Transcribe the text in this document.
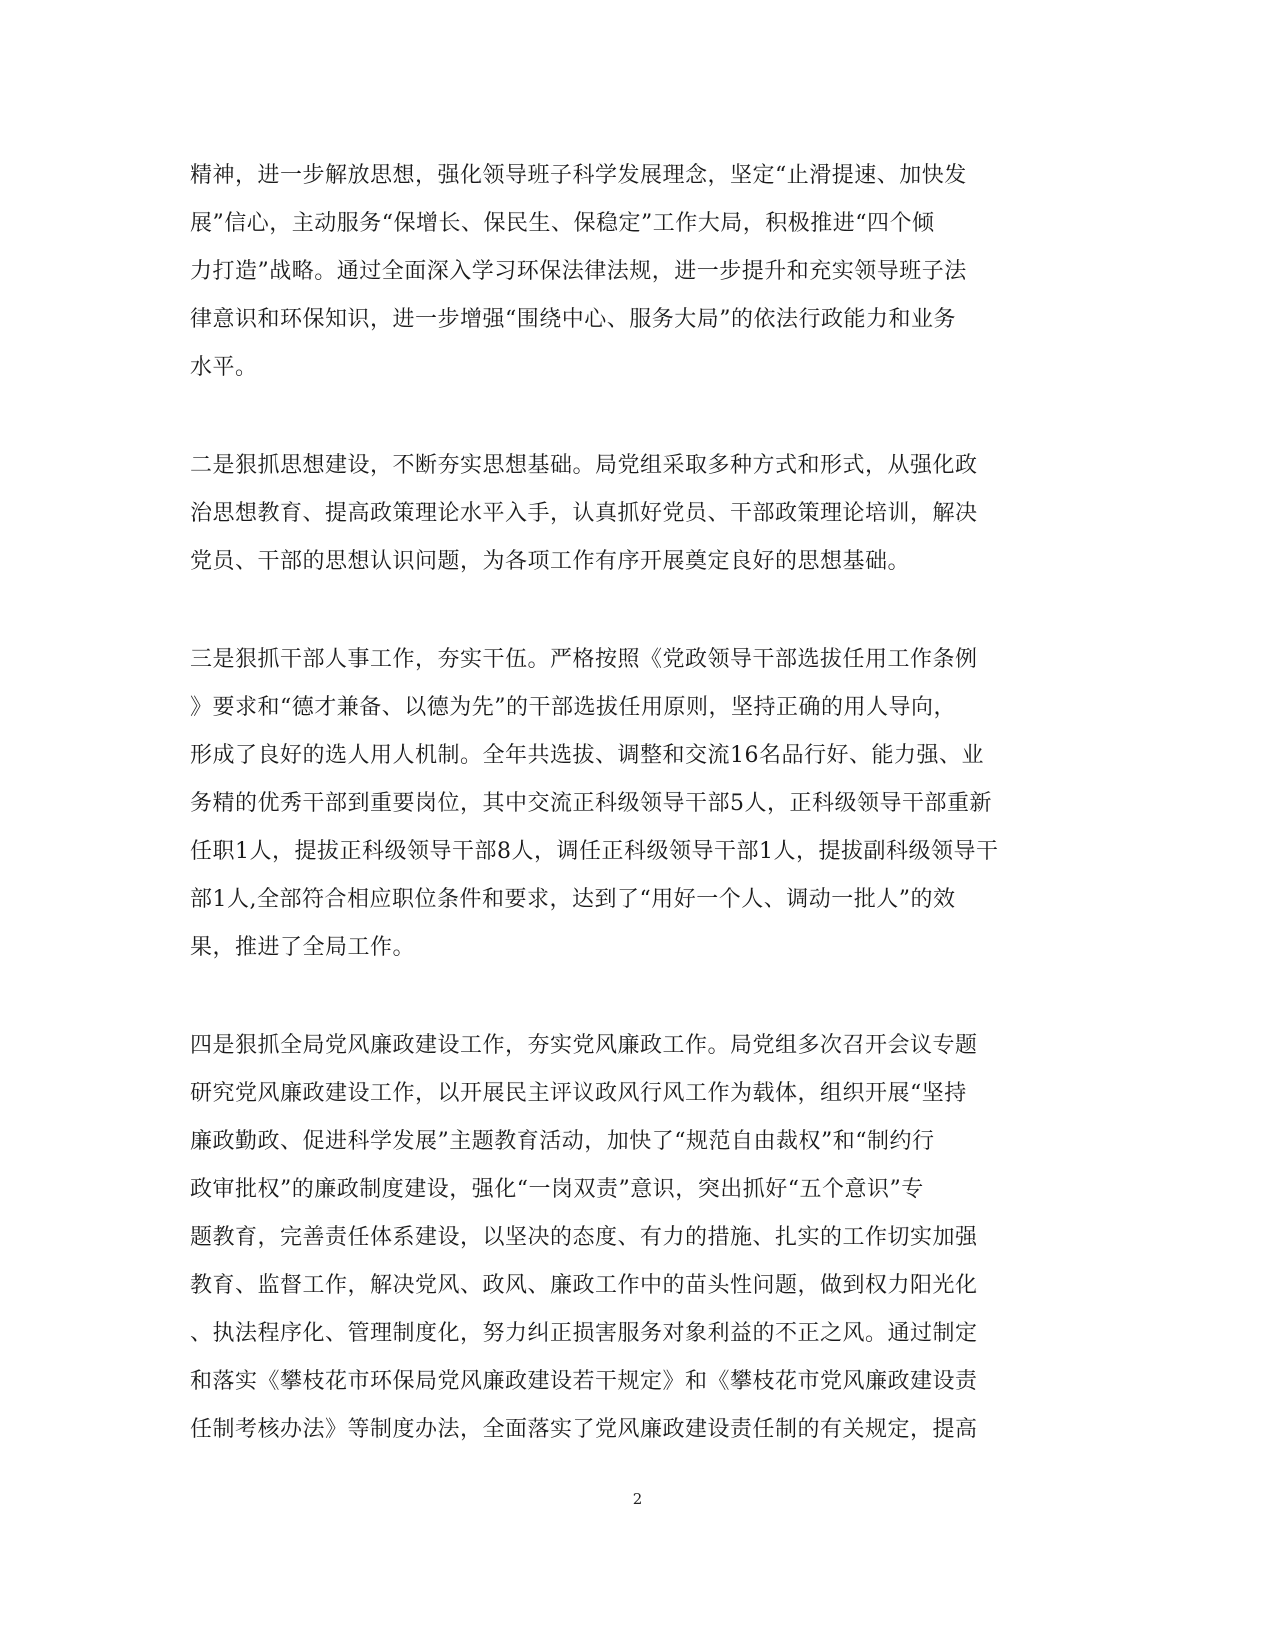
精神，进一步解放思想，强化领导班子科学发展理念，坚定“止滑提速、加快发
展”信心，主动服务“保增长、保民生、保稳定”工作大局，积极推进“四个倾
力打造”战略。通过全面深入学习环保法律法规，进一步提升和充实领导班子法
律意识和环保知识，进一步增强“围绕中心、服务大局”的依法行政能力和业务
水平。
二是狠抓思想建设，不断夯实思想基础。局党组采取多种方式和形式，从强化政
治思想教育、提高政策理论水平入手，认真抓好党员、干部政策理论培训，解决
党员、干部的思想认识问题，为各项工作有序开展奠定良好的思想基础。
三是狠抓干部人事工作，夯实干伍。严格按照《党政领导干部选拔任用工作条例
》要求和“德才兼备、以德为先”的干部选拔任用原则，坚持正确的用人导向，
形成了良好的选人用人机制。全年共选拔、调整和交流16名品行好、能力强、业
务精的优秀干部到重要岗位，其中交流正科级领导干部5人，正科级领导干部重新
任职1人，提拔正科级领导干部8人，调任正科级领导干部1人，提拔副科级领导干
部1人,全部符合相应职位条件和要求，达到了“用好一个人、调动一批人”的效
果，推进了全局工作。
四是狠抓全局党风廉政建设工作，夯实党风廉政工作。局党组多次召开会议专题
研究党风廉政建设工作，以开展民主评议政风行风工作为载体，组织开展“坚持
廉政勤政、促进科学发展”主题教育活动，加快了“规范自由裁权”和“制约行
政审批权”的廉政制度建设，强化“一岗双责”意识，突出抓好“五个意识”专
题教育，完善责任体系建设，以坚决的态度、有力的措施、扎实的工作切实加强
教育、监督工作，解决党风、政风、廉政工作中的苗头性问题，做到权力阳光化
、执法程序化、管理制度化，努力纠正损害服务对象利益的不正之风。通过制定
和落实《攀枝花市环保局党风廉政建设若干规定》和《攀枝花市党风廉政建设责
任制考核办法》等制度办法，全面落实了党风廉政建设责任制的有关规定，提高
2
